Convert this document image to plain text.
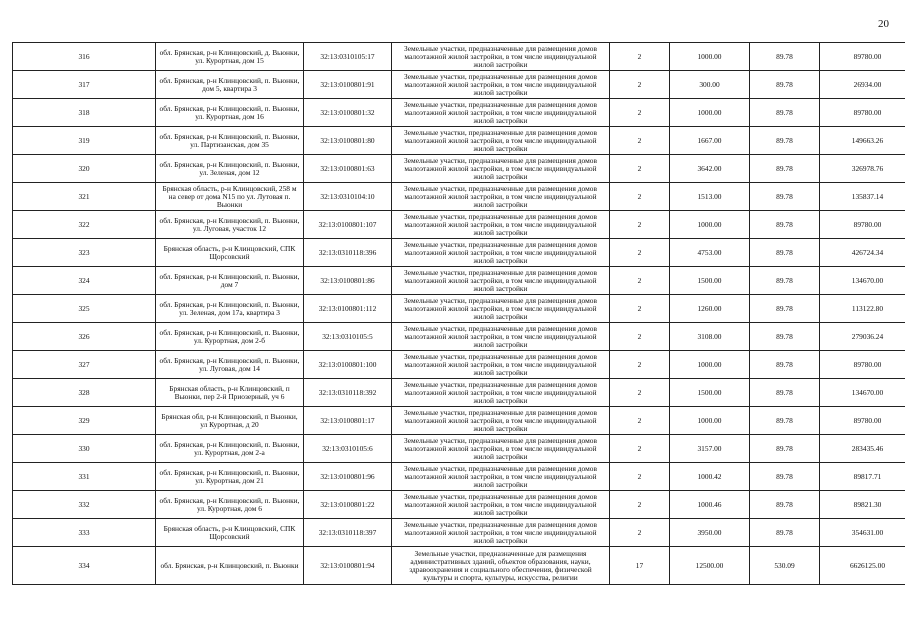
20
316	обл. Брянская, р-н Клинцовский, д. Вьюнки, ул. Курортная, дом 15	32:13:0310105:17	Земельные участки, предназначенные для размещения домов малоэтажной жилой застройки, в том числе индивидуальной жилой застройки	2	1000.00	89.78	89780.00
317	обл. Брянская, р-н Клинцовский, п. Вьюнки, дом 5, квартира 3	32:13:0100801:91	Земельные участки, предназначенные для размещения домов малоэтажной жилой застройки, в том числе индивидуальной жилой застройки	2	300.00	89.78	26934.00
318	обл. Брянская, р-н Клинцовский, п. Вьюнки, ул. Курортная, дом 16	32:13:0100801:32	Земельные участки, предназначенные для размещения домов малоэтажной жилой застройки, в том числе индивидуальной жилой застройки	2	1000.00	89.78	89780.00
319	обл. Брянская, р-н Клинцовский, п. Вьюнки, ул. Партизанская, дом 35	32:13:0100801:80	Земельные участки, предназначенные для размещения домов малоэтажной жилой застройки, в том числе индивидуальной жилой застройки	2	1667.00	89.78	149663.26
320	обл. Брянская, р-н Клинцовский, п. Вьюнки, ул. Зеленая, дом 12	32:13:0100801:63	Земельные участки, предназначенные для размещения домов малоэтажной жилой застройки, в том числе индивидуальной жилой застройки	2	3642.00	89.78	326978.76
321	Брянская область, р-н Клинцовский, 258 м на север от дома N15 по ул. Лутовая п. Вьюнки	32:13:0310104:10	Земельные участки, предназначенные для размещения домов малоэтажной жилой застройки, в том числе индивидуальной жилой застройки	2	1513.00	89.78	135837.14
322	обл. Брянская, р-н Клинцовский, п. Вьюнки, ул. Луговая, участок 12	32:13:0100801:107	Земельные участки, предназначенные для размещения домов малоэтажной жилой застройки, в том числе индивидуальной жилой застройки	2	1000.00	89.78	89780.00
323	Брянская область, р-н Клинцовский, СПК Щорсовский	32:13:0310118:396	Земельные участки, предназначенные для размещения домов малоэтажной жилой застройки, в том числе индивидуальной жилой застройки	2	4753.00	89.78	426724.34
324	обл. Брянская, р-н Клинцовский, п. Вьюнки, дом 7	32:13:0100801:86	Земельные участки, предназначенные для размещения домов малоэтажной жилой застройки, в том числе индивидуальной жилой застройки	2	1500.00	89.78	134670.00
325	обл. Брянская, р-н Клинцовский, п. Вьюнки, ул. Зеленая, дом 17а, квартира 3	32:13:0100801:112	Земельные участки, предназначенные для размещения домов малоэтажной жилой застройки, в том числе индивидуальной жилой застройки	2	1260.00	89.78	113122.80
326	обл. Брянская, р-н Клинцовский, п. Вьюнки, ул. Курортная, дом 2-б	32:13:0310105:5	Земельные участки, предназначенные для размещения домов малоэтажной жилой застройки, в том числе индивидуальной жилой застройки	2	3108.00	89.78	279036.24
327	обл. Брянская, р-н Клинцовский, п. Вьюнки, ул. Луговая, дом 14	32:13:0100801:100	Земельные участки, предназначенные для размещения домов малоэтажной жилой застройки, в том числе индивидуальной жилой застройки	2	1000.00	89.78	89780.00
328	Брянская область, р-н Клинцовский, п Вьюнки, пер 2-й Приозерный, уч 6	32:13:0310118:392	Земельные участки, предназначенные для размещения домов малоэтажной жилой застройки, в том числе индивидуальной жилой застройки	2	1500.00	89.78	134670.00
329	Брянская обл, р-н Клинцовский, п Вьюнки, ул Курортная, д 20	32:13:0100801:17	Земельные участки, предназначенные для размещения домов малоэтажной жилой застройки, в том числе индивидуальной жилой застройки	2	1000.00	89.78	89780.00
330	обл. Брянская, р-н Клинцовский, п. Вьюнки, ул. Курортная, дом 2-а	32:13:0310105:6	Земельные участки, предназначенные для размещения домов малоэтажной жилой застройки, в том числе индивидуальной жилой застройки	2	3157.00	89.78	283435.46
331	обл. Брянская, р-н Клинцовский, п. Вьюнки, ул. Курортная, дом 21	32:13:0100801:96	Земельные участки, предназначенные для размещения домов малоэтажной жилой застройки, в том числе индивидуальной жилой застройки	2	1000.42	89.78	89817.71
332	обл. Брянская, р-н Клинцовский, п. Вьюнки, ул. Курортная, дом 6	32:13:0100801:22	Земельные участки, предназначенные для размещения домов малоэтажной жилой застройки, в том числе индивидуальной жилой застройки	2	1000.46	89.78	89821.30
333	Брянская область, р-н Клинцовский, СПК Щорсовский	32:13:0310118:397	Земельные участки, предназначенные для размещения домов малоэтажной жилой застройки, в том числе индивидуальной жилой застройки	2	3950.00	89.78	354631.00
334	обл. Брянская, р-н Клинцовский, п. Вьюнки	32:13:0100801:94	Земельные участки, предназначенные для размещения административных зданий, объектов образования, науки, здравоохранения и социального обеспечения, физической культуры и спорта, культуры, искусства, религии	17	12500.00	530.09	6626125.00
